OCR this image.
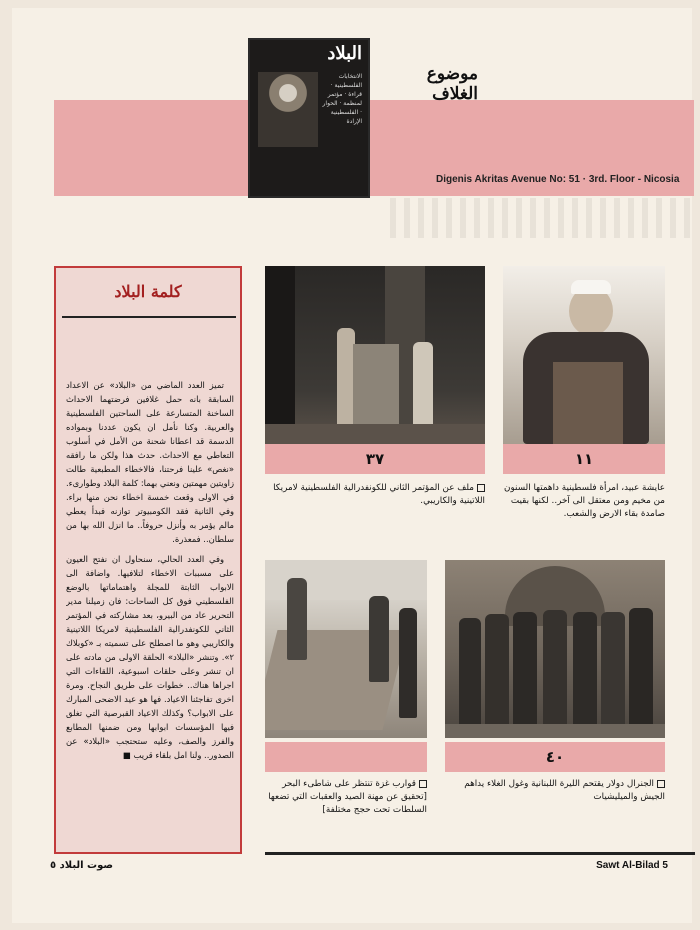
البلاد
الانتخابات الفلسطينية · قراءة · مؤتمر لمنظمة · الحوار · الفلسطينية الإرادة
موضوع الغلاف
Digenis Akritas Avenue No: 51 · 3rd. Floor - Nicosia
كلمة البلاد

تميز العدد الماضي من «البلاد» عن الاعداد السابقة بانه حمل غلافين فرضتهما الاحداث الساخنة المتسارعة على الساحتين الفلسطينية والعربية. وكنا نأمل ان يكون عددنا وبمواده الدسمة قد اعطانا شحنة من الأمل في أسلوب التعاطي مع الاحداث. حدث هذا ولكن ما رافقه «نغص» علينا فرحتنا، فالاخطاء المطبعية طالت زاويتين مهمتين ونعني بهما: كلمة البلاد وطوارىء. في الاولى وقعت خمسة اخطاء نحن منها براء. وفي الثانية فقد الكومبيوتر توازنه فبدأ يعطي مالم يؤمر به وأنزل حروفاً.. ما انزل الله بها من سلطان.. فمعذرة.

وفي العدد الحالي، سنحاول ان نفتح العيون على مسببات الاخطاء لتلافيها. واضافة الى الابواب الثابتة للمجلة واهتماماتها بالوضع الفلسطيني فوق كل الساحات: فان زميلنا مدير التحرير عاد من البيرو، بعد مشاركته في المؤتمر الثاني للكونفدرالية الفلسطينية لامريكا اللاتينية والكاريبي وهو ما اصطلح على تسميته بـ «كوبلاك ٢». وتنشر «البلاد» الحلقة الاولى من مادته على ان تنشر وعلى حلقات اسبوعية، اللقاءات التي اجراها هناك.. خطوات على طريق النجاح. ومرة اخرى تفاجئنا الاعياد. فها هو عيد الاضحى المبارك على الابواب؟ وكذلك الاعياد القبرصية التي تغلق فيها المؤسسات ابوابها ومن ضمنها المطابع والفرز والصف، وعليه ستحتجب «البلاد» عن الصدور.. ولنا امل بلقاء قريب ■

٣٧
ملف عن المؤتمر الثاني للكونفدرالية الفلسطينية لامريكا اللاتينية والكاريبي.
١١
عايشة عبيد، امرأة فلسطينية داهمتها السنون من مخيم ومن معتقل الى آخر.. لكنها بقيت صامدة بقاء الارض والشعب.
قوارب غزة تنتظر على شاطىء البحر [تحقيق عن مهنة الصيد والعقبات التي تضعها السلطات تحت حجج مختلفة]
٤٠
الجنرال دولار يقتحم الليرة اللبنانية وغول الغلاء يداهم الجيش والميليشيات
صوت البلاد ٥	Sawt Al-Bilad 5
